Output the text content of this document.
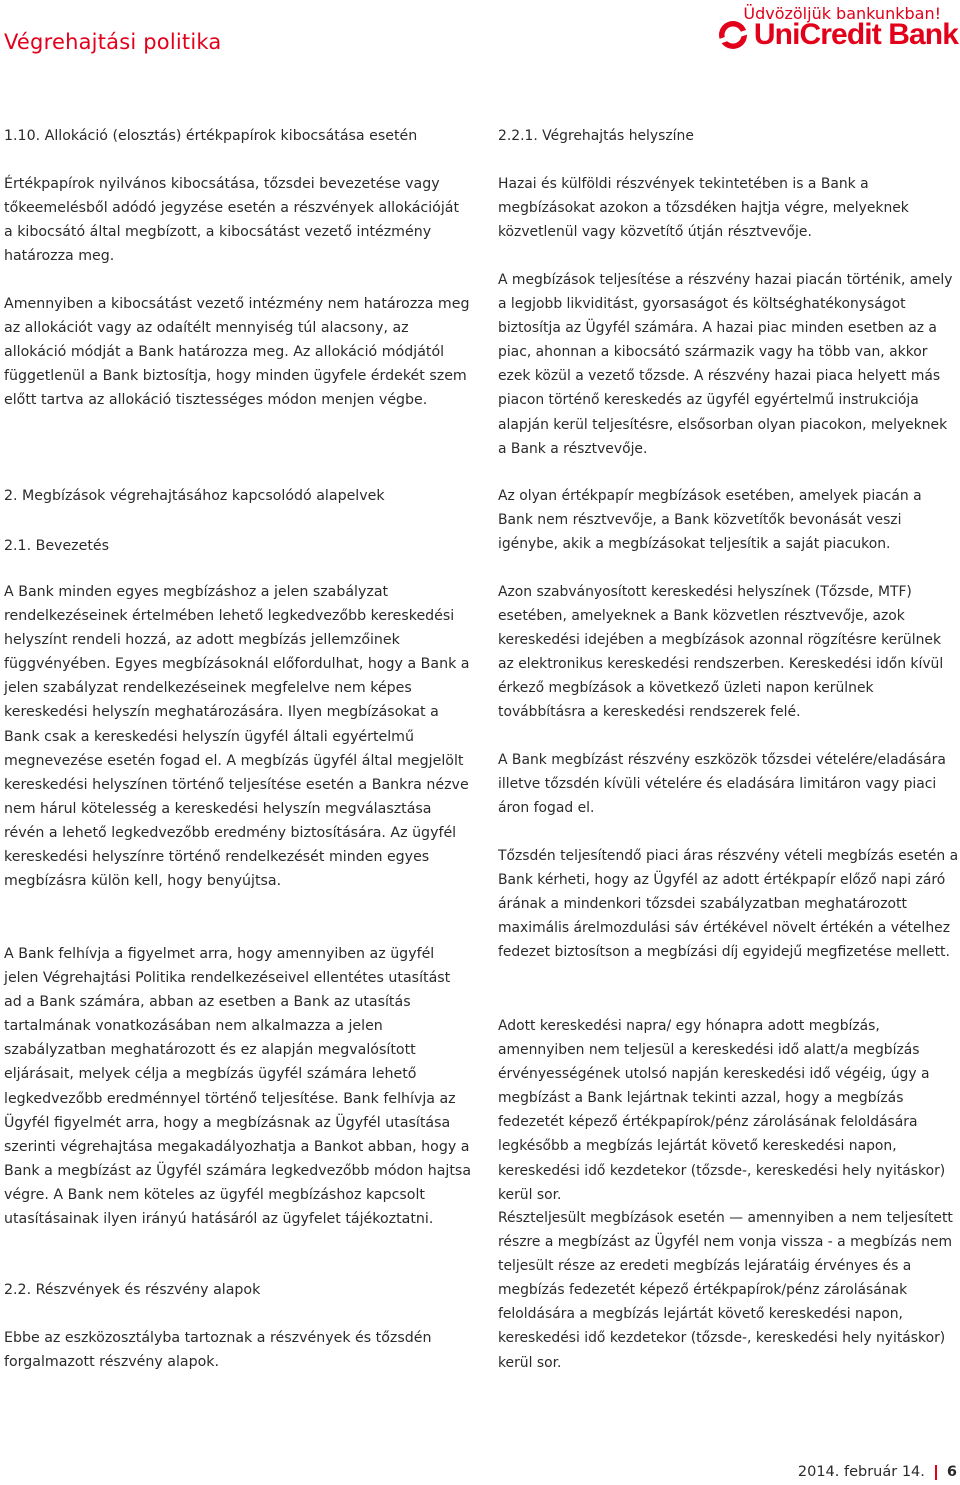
Végrehajtási politika
Üdvözöljük bankunkban!
UniCredit Bank
1.10. Allokáció (elosztás) értékpapírok kibocsátása esetén
Értékpapírok nyilvános kibocsátása, tőzsdei bevezetése vagy tőkeemelésből adódó jegyzése esetén a részvények allokációját a kibocsátó által megbízott, a kibocsátást vezető intézmény határozza meg.
Amennyiben a kibocsátást vezető intézmény nem határozza meg az allokációt vagy az odaítélt mennyiség túl alacsony, az allokáció módját a Bank határozza meg. Az allokáció módjától függetlenül a Bank biztosítja, hogy minden ügyfele érdekét szem előtt tartva az allokáció tisztességes módon menjen végbe.
2. Megbízások végrehajtásához kapcsolódó alapelvek
2.1. Bevezetés
A Bank minden egyes megbízáshoz a jelen szabályzat rendelkezéseinek értelmében lehető legkedvezőbb kereskedési helyszínt rendeli hozzá, az adott megbízás jellemzőinek függvényében. Egyes megbízásoknál előfordulhat, hogy a Bank a jelen szabályzat rendelkezéseinek megfelelve nem képes kereskedési helyszín meghatározására. Ilyen megbízásokat a Bank csak a kereskedési helyszín ügyfél általi egyértelmű megnevezése esetén fogad el. A megbízás ügyfél által megjelölt kereskedési helyszínen történő teljesítése esetén a Bankra nézve nem hárul kötelesség a kereskedési helyszín megválasztása révén a lehető legkedvezőbb eredmény biztosítására. Az ügyfél kereskedési helyszínre történő rendelkezését minden egyes megbízásra külön kell, hogy benyújtsa.
A Bank felhívja a figyelmet arra, hogy amennyiben az ügyfél jelen Végrehajtási Politika rendelkezéseivel ellentétes utasítást ad a Bank számára, abban az esetben a Bank az utasítás tartalmának vonatkozásában nem alkalmazza a jelen szabályzatban meghatározott és ez alapján megvalósított eljárásait, melyek célja a megbízás ügyfél számára lehető legkedvezőbb eredménnyel történő teljesítése. Bank felhívja az Ügyfél figyelmét arra, hogy a megbízásnak az Ügyfél utasítása szerinti végrehajtása megakadályozhatja a Bankot abban, hogy a Bank a megbízást az Ügyfél számára legkedvezőbb módon hajtsa végre. A Bank nem köteles az ügyfél megbízáshoz kapcsolt utasításainak ilyen irányú hatásáról az ügyfelet tájékoztatni.
2.2. Részvények és részvény alapok
Ebbe az eszközosztályba tartoznak a részvények és tőzsdén forgalmazott részvény alapok.
2.2.1. Végrehajtás helyszíne
Hazai és külföldi részvények tekintetében is a Bank a megbízásokat azokon a tőzsdéken hajtja végre, melyeknek közvetlenül vagy közvetítő útján résztvevője.
A megbízások teljesítése a részvény hazai piacán történik, amely a legjobb likviditást, gyorsaságot és költséghatékonyságot biztosítja az Ügyfél számára. A hazai piac minden esetben az a piac, ahonnan a kibocsátó származik vagy ha több van, akkor ezek közül a vezető tőzsde. A részvény hazai piaca helyett más piacon történő kereskedés az ügyfél egyértelmű instrukciója alapján kerül teljesítésre, elsősorban olyan piacokon, melyeknek a Bank a résztvevője.
Az olyan értékpapír megbízások esetében, amelyek piacán a Bank nem résztvevője, a Bank közvetítők bevonását veszi igénybe, akik a megbízásokat teljesítik a saját piacukon.
Azon szabványosított kereskedési helyszínek (Tőzsde, MTF) esetében, amelyeknek a Bank közvetlen résztvevője, azok kereskedési idejében a megbízások azonnal rögzítésre kerülnek az elektronikus kereskedési rendszerben. Kereskedési időn kívül érkező megbízások a következő üzleti napon kerülnek továbbításra a kereskedési rendszerek felé.
A Bank megbízást részvény eszközök tőzsdei vételére/eladására illetve tőzsdén kívüli vételére és eladására limitáron vagy piaci áron fogad el.
Tőzsdén teljesítendő piaci áras részvény vételi megbízás esetén a Bank kérheti, hogy az Ügyfél az adott értékpapír előző napi záró árának a mindenkori tőzsdei szabályzatban meghatározott maximális árelmozdulási sáv értékével növelt értékén a vételhez fedezet biztosítson a megbízási díj egyidejű megfizetése mellett.
Adott kereskedési napra/ egy hónapra adott megbízás, amennyiben nem teljesül a kereskedési idő alatt/a megbízás érvényességének utolsó napján kereskedési idő végéig, úgy a megbízást a Bank lejártnak tekinti azzal, hogy a megbízás fedezetét képező értékpapírok/pénz zárolásának feloldására legkésőbb a megbízás lejártát követő kereskedési napon, kereskedési idő kezdetekor (tőzsde-, kereskedési hely nyitáskor) kerül sor.
Részteljesült megbízások esetén — amennyiben a nem teljesített részre a megbízást az Ügyfél nem vonja vissza - a megbízás nem teljesült része az eredeti megbízás lejáratáig érvényes és a megbízás fedezetét képező értékpapírok/pénz zárolásának feloldására a megbízás lejártát követő kereskedési napon, kereskedési idő kezdetekor (tőzsde-, kereskedési hely nyitáskor) kerül sor.
2014. február 14. 6
